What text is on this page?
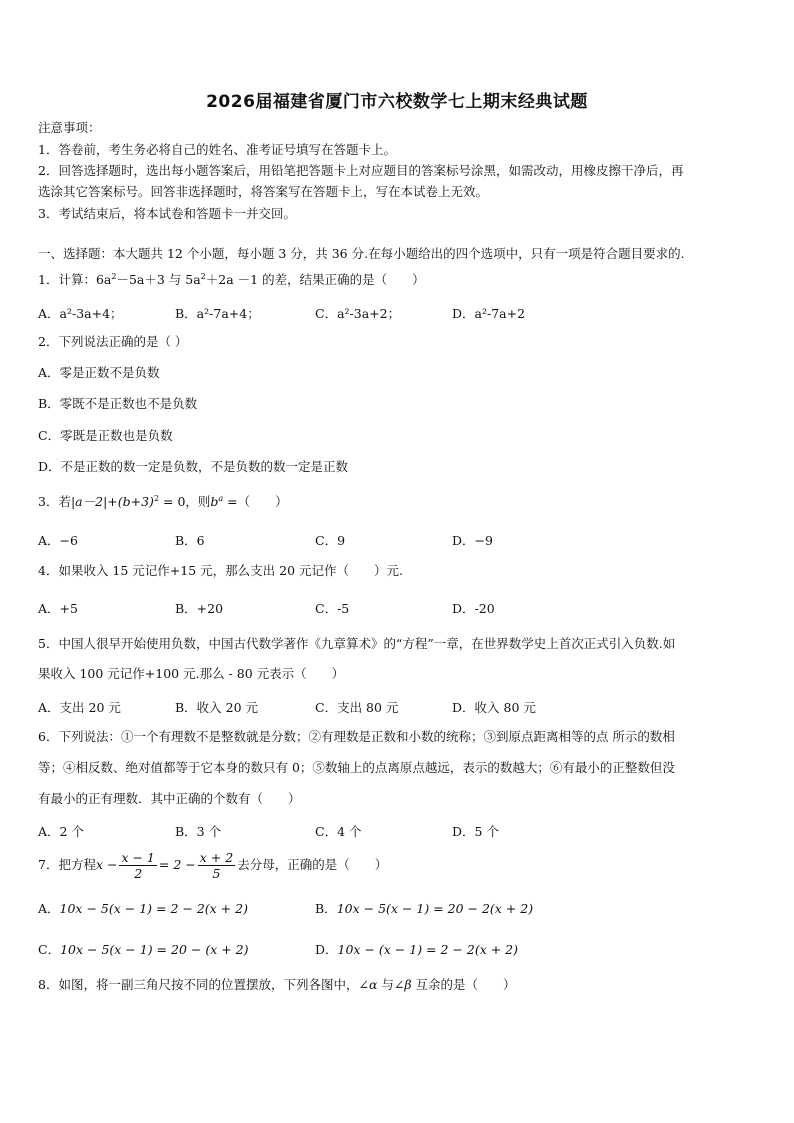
2026届福建省厦门市六校数学七上期末经典试题
注意事项：
1．答卷前，考生务必将自己的姓名、准考证号填写在答题卡上。
2．回答选择题时，选出每小题答案后，用铅笔把答题卡上对应题目的答案标号涂黑，如需改动，用橡皮擦干净后，再
选涂其它答案标号。回答非选择题时，将答案写在答题卡上，写在本试卷上无效。
3．考试结束后，将本试卷和答题卡一并交回。
一、选择题：本大题共 12 个小题，每小题 3 分，共 36 分.在每小题给出的四个选项中，只有一项是符合题目要求的.
1．计算：$6a^2-5a+3$ 与 $5a^2+2a -1$ 的差，结果正确的是（　　）
A．a²-3a+4；	B．a²-7a+4；	C．a²-3a+2；	D．a²-7a+2
2．下列说法正确的是（ ）
A．零是正数不是负数
B．零既不是正数也不是负数
C．零既是正数也是负数
D．不是正数的数一定是负数，不是负数的数一定是正数
3．若$|a-2|+(b+3)^2 = 0$，则$b^a$ =（　　）
A．−6	B．6	C．9	D．−9
4．如果收入 15 元记作+15 元，那么支出 20 元记作（　　）元.
A．+5	B．+20	C．-5	D．-20
5．中国人很早开始使用负数，中国古代数学著作《九章算术》的“方程”一章，在世界数学史上首次正式引入负数.如
果收入 100 元记作+100 元.那么 - 80 元表示（　　）
A．支出 20 元	B．收入 20 元	C．支出 80 元	D．收入 80 元
6．下列说法：①一个有理数不是整数就是分数；②有理数是正数和小数的统称；③到原点距离相等的点 所示的数相
等；④相反数、绝对值都等于它本身的数只有 0；⑤数轴上的点离原点越远，表示的数越大；⑥有最小的正整数但没
有最小的正有理数．其中正确的个数有（　　）
A．2 个	B．3 个	C．4 个	D．5 个
7．把方程$x - \frac{x - 1}{2} = 2 - \frac{x + 2}{5}$ 去分母，正确的是（　　）
A．10x − 5(x − 1) = 2 − 2(x + 2)	B．10x − 5(x − 1) = 20 − 2(x + 2)
C．10x − 5(x − 1) = 20 − (x + 2)	D．10x − (x − 1) = 2 − 2(x + 2)
8．如图，将一副三角尺按不同的位置摆放，下列各图中，∠α 与∠β 互余的是（　　）
